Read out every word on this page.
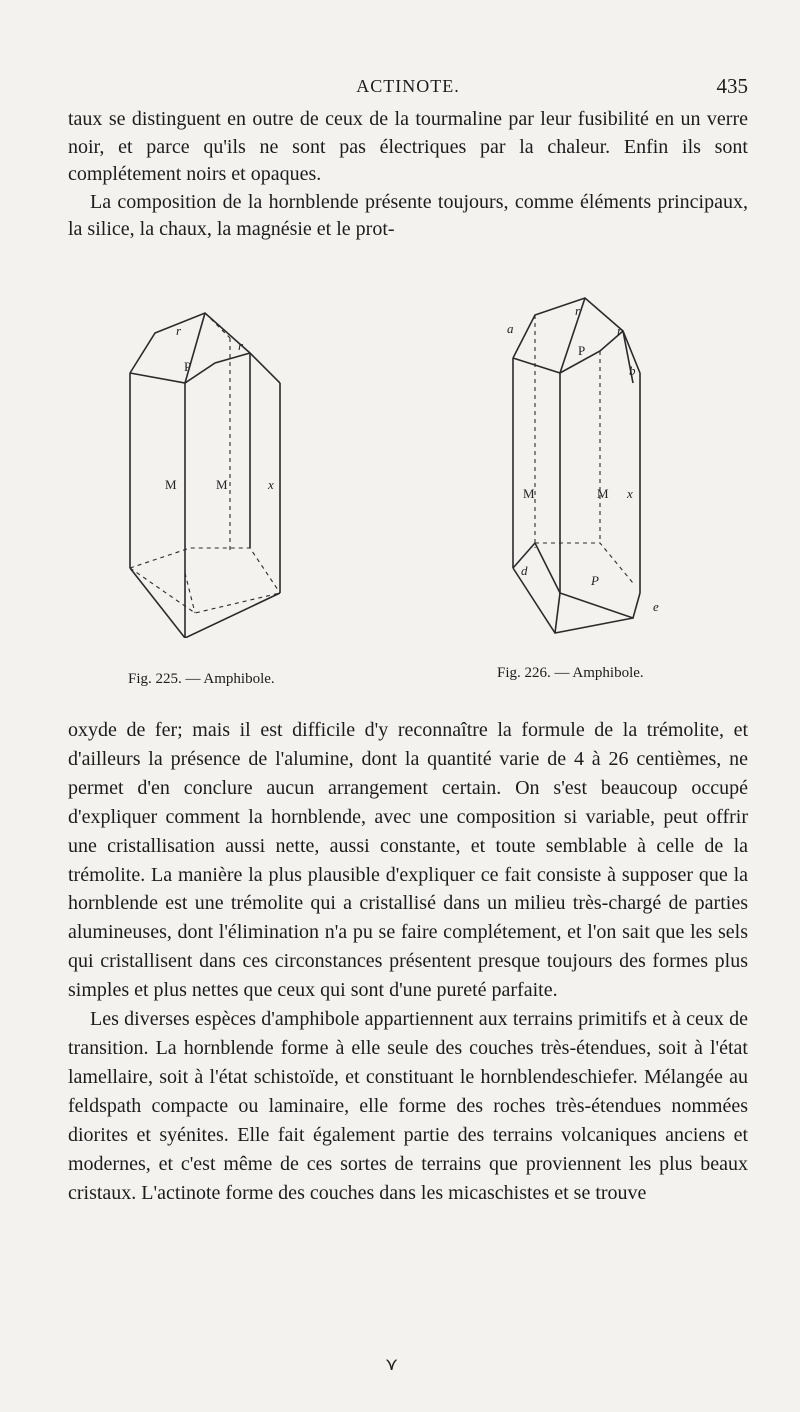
ACTINOTE.	435

taux se distinguent en outre de ceux de la tourmaline par leur fusibilité en un verre noir, et parce qu'ils ne sont pas électriques par la chaleur. Enfin ils sont complétement noirs et opaques.

La composition de la hornblende présente toujours, comme éléments principaux, la silice, la chaux, la magnésie et le prot-

r
r
P
M	M	x
Fig. 225. — Amphibole.
a
r
r
P
b
M	M x
d
P
e
Fig. 226. — Amphibole.

oxyde de fer; mais il est difficile d'y reconnaître la formule de la trémolite, et d'ailleurs la présence de l'alumine, dont la quantité varie de 4 à 26 centièmes, ne permet d'en conclure aucun arrangement certain. On s'est beaucoup occupé d'expliquer comment la hornblende, avec une composition si variable, peut offrir une cristallisation aussi nette, aussi constante, et toute semblable à celle de la trémolite. La manière la plus plausible d'expliquer ce fait consiste à supposer que la hornblende est une trémolite qui a cristallisé dans un milieu très-chargé de parties alumineuses, dont l'élimination n'a pu se faire complétement, et l'on sait que les sels qui cristallisent dans ces circonstances présentent presque toujours des formes plus simples et plus nettes que ceux qui sont d'une pureté parfaite.

Les diverses espèces d'amphibole appartiennent aux terrains primitifs et à ceux de transition. La hornblende forme à elle seule des couches très-étendues, soit à l'état lamellaire, soit à l'état schistoïde, et constituant le hornblendeschiefer. Mélangée au feldspath compacte ou laminaire, elle forme des roches très-étendues nommées diorites et syénites. Elle fait également partie des terrains volcaniques anciens et modernes, et c'est même de ces sortes de terrains que proviennent les plus beaux cristaux. L'actinote forme des couches dans les micaschistes et se trouve

⋎
